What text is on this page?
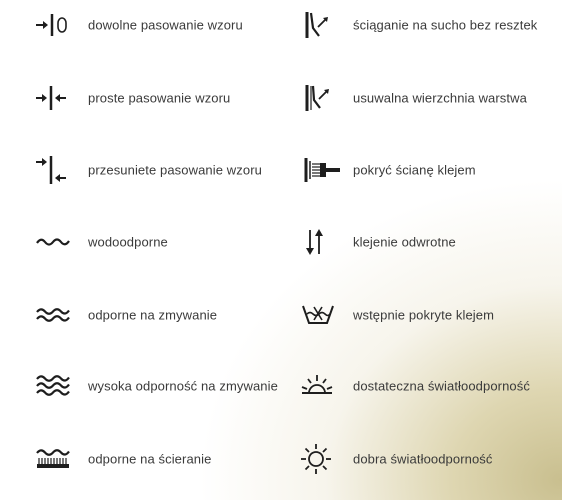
dowolne pasowanie wzoru
proste pasowanie wzoru
przesuniete pasowanie wzoru
wodoodporne
odporne na zmywanie
wysoka odporność na zmywanie
odporne na ścieranie
ściąganie na sucho bez resztek
usuwalna wierzchnia warstwa
pokryć ścianę klejem
klejenie odwrotne
wstępnie pokryte klejem
dostateczna światłoodporność
dobra światłoodporność
